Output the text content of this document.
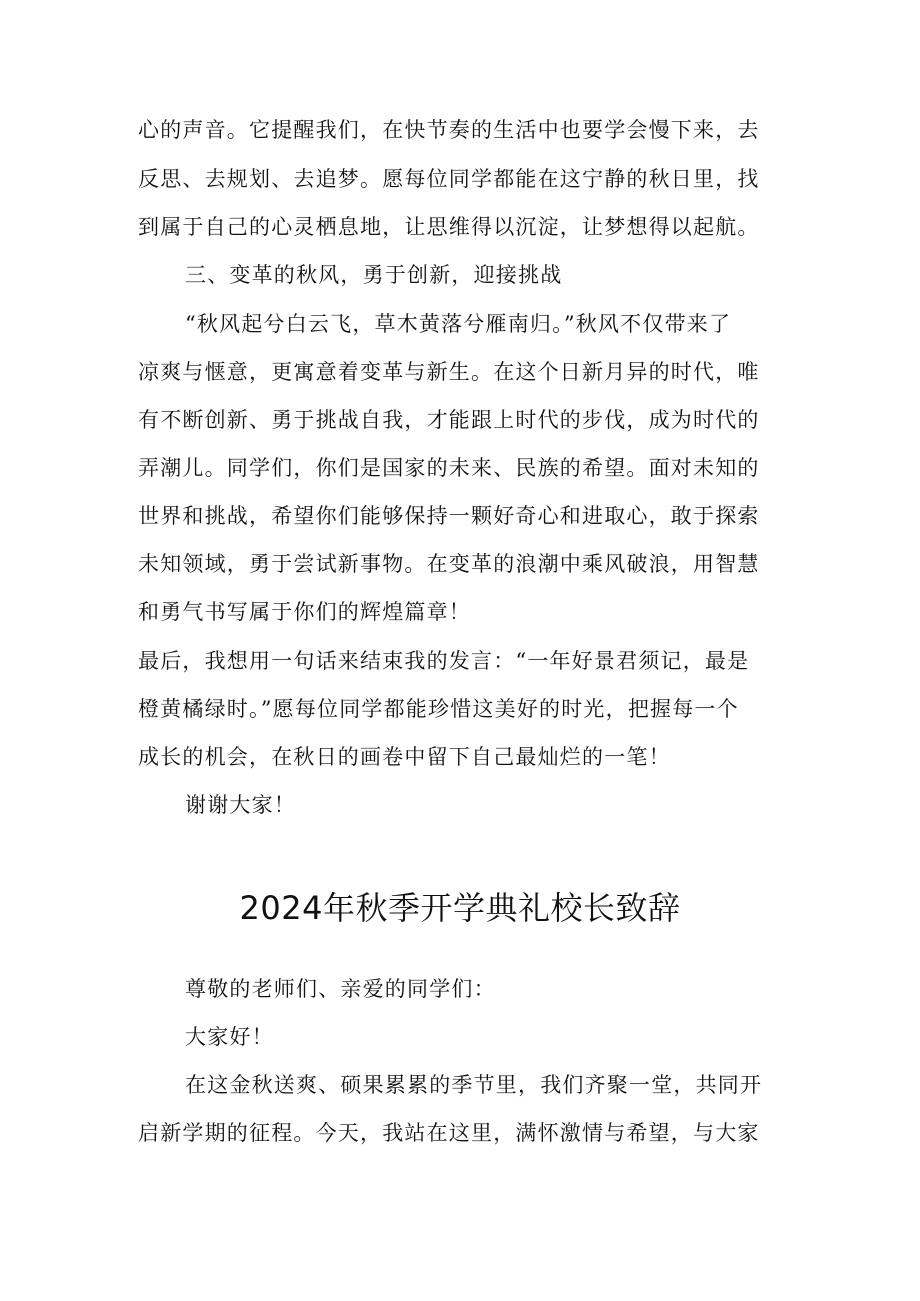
心的声音。它提醒我们，在快节奏的生活中也要学会慢下来，去
反思、去规划、去追梦。愿每位同学都能在这宁静的秋日里，找
到属于自己的心灵栖息地，让思维得以沉淀，让梦想得以起航。
三、变革的秋风，勇于创新，迎接挑战
“秋风起兮白云飞，草木黄落兮雁南归。”秋风不仅带来了
凉爽与惬意，更寓意着变革与新生。在这个日新月异的时代，唯
有不断创新、勇于挑战自我，才能跟上时代的步伐，成为时代的
弄潮儿。同学们，你们是国家的未来、民族的希望。面对未知的
世界和挑战，希望你们能够保持一颗好奇心和进取心，敢于探索
未知领域，勇于尝试新事物。在变革的浪潮中乘风破浪，用智慧
和勇气书写属于你们的辉煌篇章！
最后，我想用一句话来结束我的发言：“一年好景君须记，最是
橙黄橘绿时。”愿每位同学都能珍惜这美好的时光，把握每一个
成长的机会，在秋日的画卷中留下自己最灿烂的一笔！
谢谢大家！
2024年秋季开学典礼校长致辞
尊敬的老师们、亲爱的同学们：
大家好！
在这金秋送爽、硕果累累的季节里，我们齐聚一堂，共同开
启新学期的征程。今天，我站在这里，满怀激情与希望，与大家
